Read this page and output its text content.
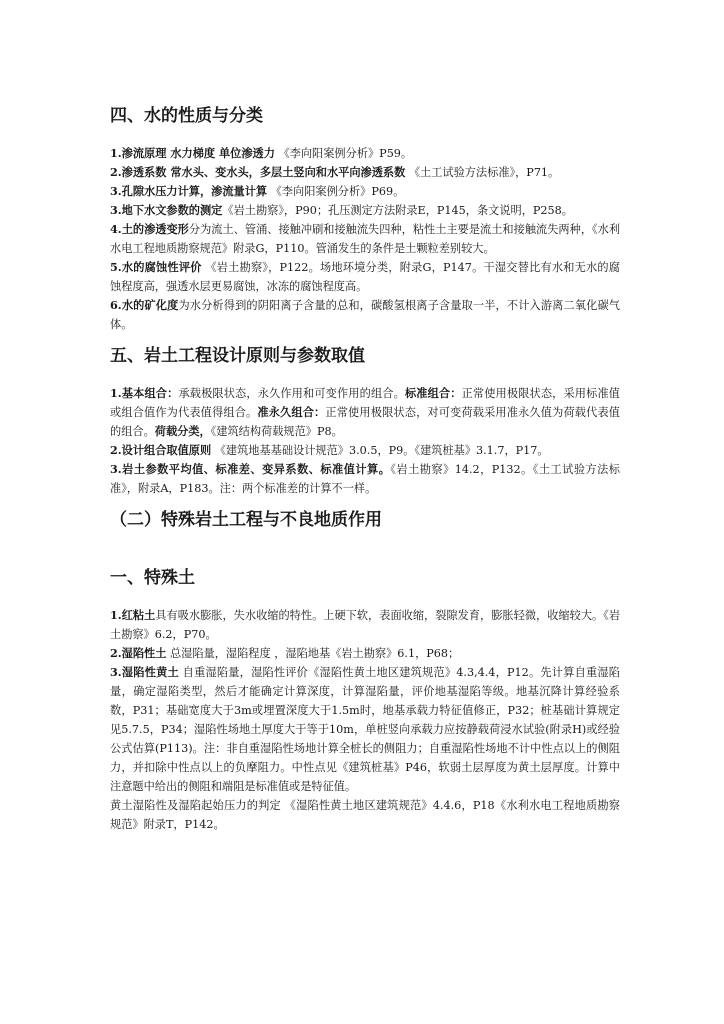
四、水的性质与分类

1.渗流原理 水力梯度 单位渗透力 《李向阳案例分析》P59。

2.渗透系数 常水头、变水头，多层土竖向和水平向渗透系数 《土工试验方法标准》，P71。

3.孔隙水压力计算，渗流量计算 《李向阳案例分析》P69。

3.地下水文参数的测定《岩土勘察》，P90；孔压测定方法附录E，P145，条文说明，P258。

4.土的渗透变形分为流土、管涌、接触冲刷和接触流失四种，粘性土主要是流土和接触流失两种，《水利水电工程地质勘察规范》附录G，P110。管涌发生的条件是土颗粒差别较大。

5.水的腐蚀性评价 《岩土勘察》，P122。场地环境分类，附录G，P147。干湿交替比有水和无水的腐蚀程度高，强透水层更易腐蚀，冰冻的腐蚀程度高。

6.水的矿化度为水分析得到的阴阳离子含量的总和，碳酸氢根离子含量取一半，不计入游离二氧化碳气体。

五、岩土工程设计原则与参数取值

1.基本组合：承载极限状态，永久作用和可变作用的组合。标准组合：正常使用极限状态，采用标准值或组合值作为代表值得组合。准永久组合：正常使用极限状态，对可变荷载采用准永久值为荷载代表值的组合。荷载分类，《建筑结构荷载规范》P8。

2.设计组合取值原则 《建筑地基基础设计规范》3.0.5，P9。《建筑桩基》3.1.7，P17。

3.岩土参数平均值、标准差、变异系数、标准值计算。《岩土勘察》14.2，P132。《土工试验方法标准》，附录A，P183。注：两个标准差的计算不一样。

（二）特殊岩土工程与不良地质作用
一、特殊土

1.红粘土具有吸水膨胀，失水收缩的特性。上硬下软，表面收缩，裂隙发育，膨胀轻微，收缩较大。《岩土勘察》6.2，P70。

2.湿陷性土 总湿陷量，湿陷程度 ，湿陷地基《岩土勘察》6.1，P68；

3.湿陷性黄土 自重湿陷量，湿陷性评价《湿陷性黄土地区建筑规范》4.3,4.4，P12。先计算自重湿陷量，确定湿陷类型，然后才能确定计算深度，计算湿陷量，评价地基湿陷等级。地基沉降计算经验系数，P31；基础宽度大于3m或埋置深度大于1.5m时，地基承载力特征值修正，P32；桩基础计算规定见5.7.5，P34；湿陷性场地土厚度大于等于10m，单桩竖向承载力应按静载荷浸水试验(附录H)或经验公式估算(P113)。注：非自重湿陷性场地计算全桩长的侧阻力；自重湿陷性场地不计中性点以上的侧阻力，并扣除中性点以上的负摩阻力。中性点见《建筑桩基》P46，软弱土层厚度为黄土层厚度。计算中注意题中给出的侧阻和端阻是标准值或是特征值。

黄土湿陷性及湿陷起始压力的判定 《湿陷性黄土地区建筑规范》4.4.6，P18《水利水电工程地质勘察规范》附录T，P142。
